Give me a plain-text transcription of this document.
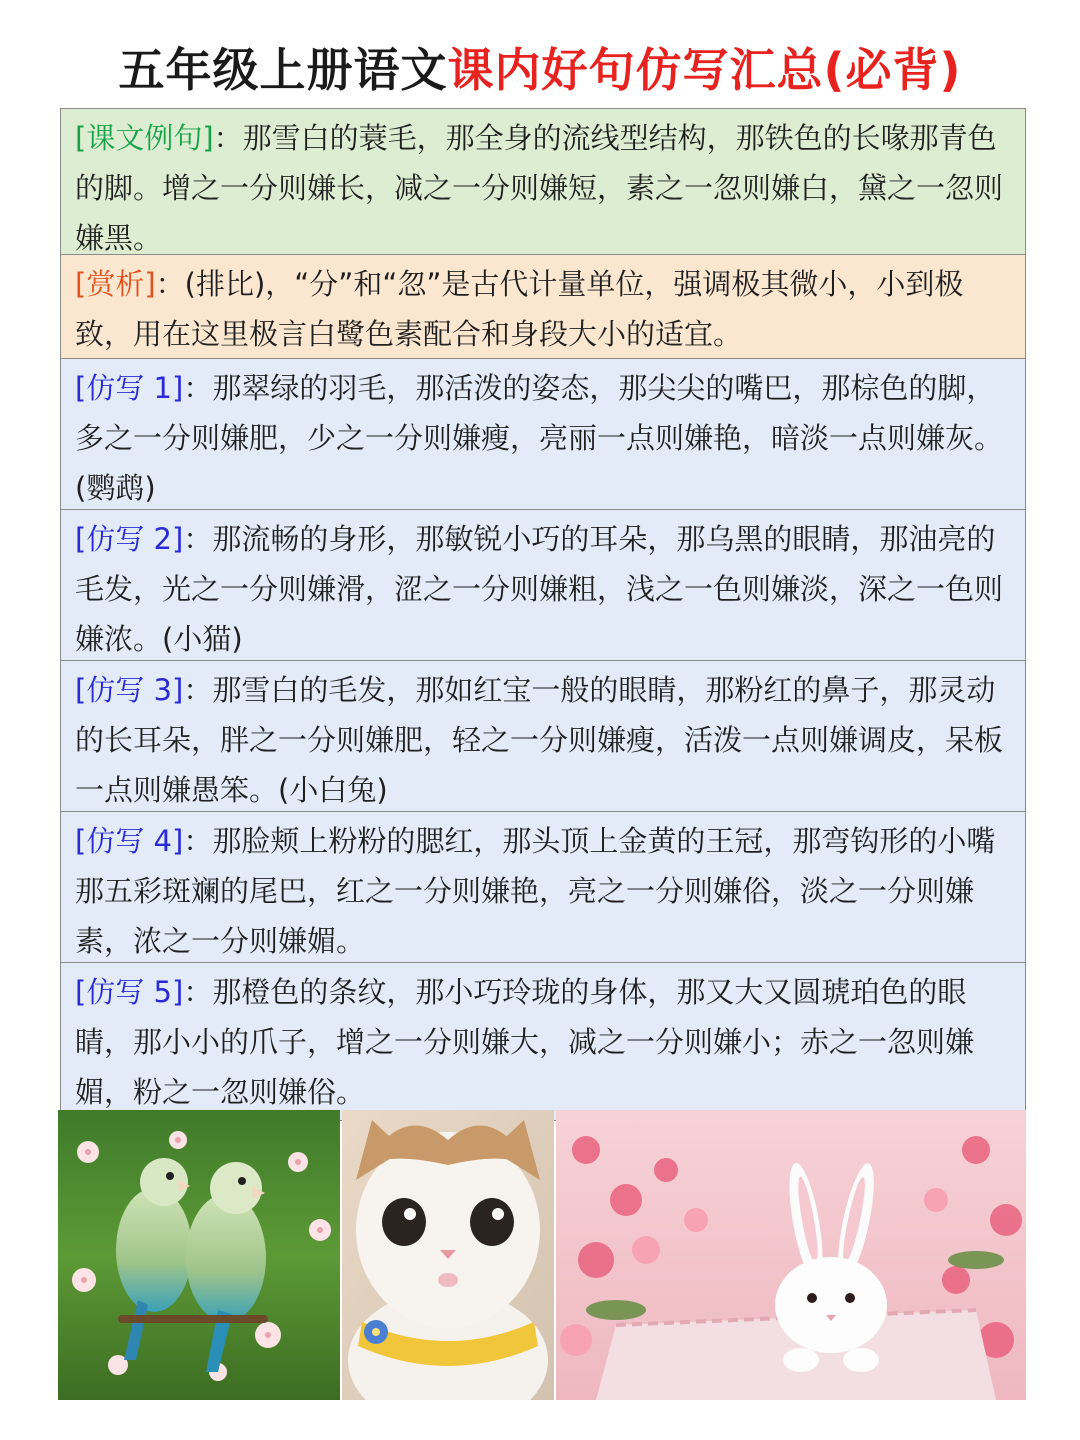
五年级上册语文课内好句仿写汇总(必背)
[课文例句]：那雪白的蓑毛，那全身的流线型结构，那铁色的长喙那青色的脚。增之一分则嫌长，减之一分则嫌短，素之一忽则嫌白，黛之一忽则嫌黑。
[赏析]：(排比)，“分”和“忽”是古代计量单位，强调极其微小，小到极致，用在这里极言白鹭色素配合和身段大小的适宜。
[仿写 1]：那翠绿的羽毛，那活泼的姿态，那尖尖的嘴巴，那棕色的脚，多之一分则嫌肥，少之一分则嫌瘦，亮丽一点则嫌艳，暗淡一点则嫌灰。(鹦鹉)
[仿写 2]：那流畅的身形，那敏锐小巧的耳朵，那乌黑的眼睛，那油亮的毛发，光之一分则嫌滑，涩之一分则嫌粗，浅之一色则嫌淡，深之一色则嫌浓。(小猫)
[仿写 3]：那雪白的毛发，那如红宝一般的眼睛，那粉红的鼻子，那灵动的长耳朵，胖之一分则嫌肥，轻之一分则嫌瘦，活泼一点则嫌调皮，呆板一点则嫌愚笨。(小白兔)
[仿写 4]：那脸颊上粉粉的腮红，那头顶上金黄的王冠，那弯钩形的小嘴那五彩斑斓的尾巴，红之一分则嫌艳，亮之一分则嫌俗，淡之一分则嫌素，浓之一分则嫌媚。
[仿写 5]：那橙色的条纹，那小巧玲珑的身体，那又大又圆琥珀色的眼睛，那小小的爪子，增之一分则嫌大，减之一分则嫌小；赤之一忽则嫌媚，粉之一忽则嫌俗。
